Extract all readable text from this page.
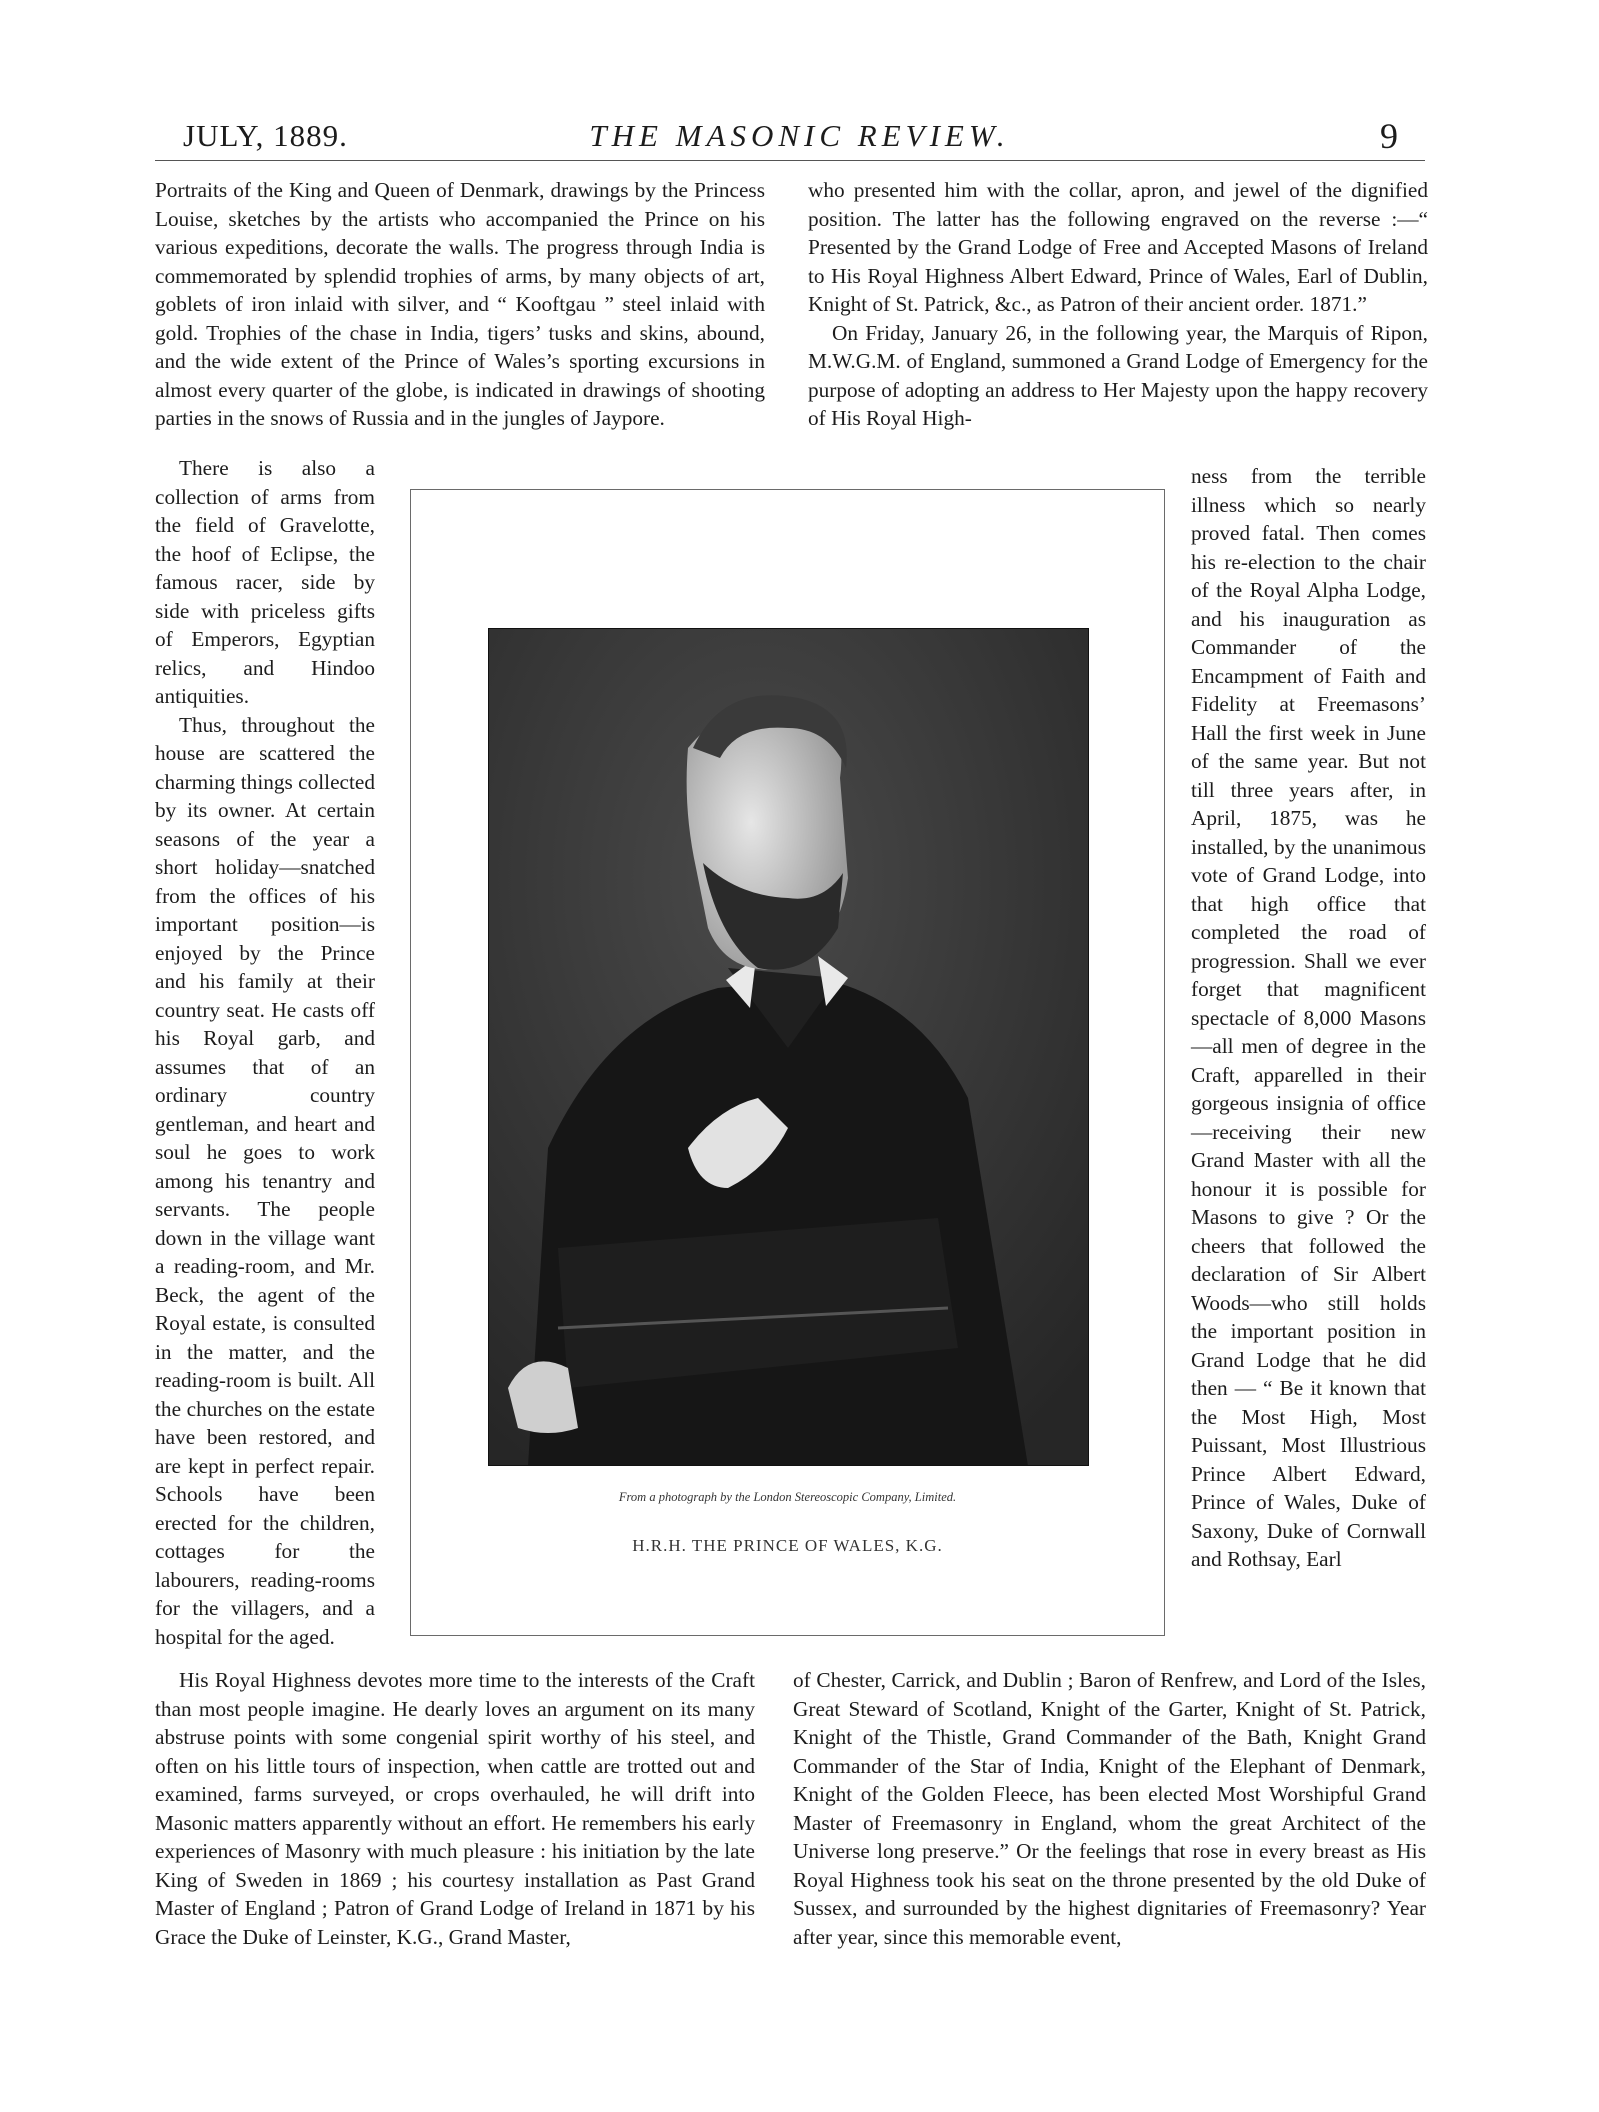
JULY, 1889.	THE MASONIC REVIEW.	9

Portraits of the King and Queen of Denmark, drawings by the Princess Louise, sketches by the artists who accompanied the Prince on his various expeditions, decorate the walls. The progress through India is commemorated by splendid trophies of arms, by many objects of art, goblets of iron inlaid with silver, and “ Kooftgau ” steel inlaid with gold. Trophies of the chase in India, tigers’ tusks and skins, abound, and the wide extent of the Prince of Wales’s sporting excursions in almost every quarter of the globe, is indicated in drawings of shooting parties in the snows of Russia and in the jungles of Jaypore.

who presented him with the collar, apron, and jewel of the dignified position. The latter has the following engraved on the reverse :—“ Presented by the Grand Lodge of Free and Accepted Masons of Ireland to His Royal Highness Albert Edward, Prince of Wales, Earl of Dublin, Knight of St. Patrick, &c., as Patron of their ancient order. 1871.”

On Friday, January 26, in the following year, the Marquis of Ripon, M.W.G.M. of England, summoned a Grand Lodge of Emergency for the purpose of adopting an address to Her Majesty upon the happy recovery of His Royal High-

There is also a collection of arms from the field of Gravelotte, the hoof of Eclipse, the famous racer, side by side with priceless gifts of Emperors, Egyptian relics, and Hindoo antiquities.

Thus, throughout the house are scattered the charming things collected by its owner. At certain seasons of the year a short holiday—snatched from the offices of his important position—is enjoyed by the Prince and his family at their country seat. He casts off his Royal garb, and assumes that of an ordinary country gentleman, and heart and soul he goes to work among his tenantry and servants. The people down in the village want a reading-room, and Mr. Beck, the agent of the Royal estate, is consulted in the matter, and the reading-room is built. All the churches on the estate have been restored, and are kept in perfect repair. Schools have been erected for the children, cottages for the labourers, reading-rooms for the villagers, and a hospital for the aged.

ness from the terrible illness which so nearly proved fatal. Then comes his re-election to the chair of the Royal Alpha Lodge, and his inauguration as Commander of the Encampment of Faith and Fidelity at Freemasons’ Hall the first week in June of the same year. But not till three years after, in April, 1875, was he installed, by the unanimous vote of Grand Lodge, into that high office that completed the road of progression. Shall we ever forget that magnificent spectacle of 8,000 Masons —all men of degree in the Craft, apparelled in their gorgeous insignia of office—receiving their new Grand Master with all the honour it is possible for Masons to give ? Or the cheers that followed the declaration of Sir Albert Woods—who still holds the important position in Grand Lodge that he did then — “ Be it known that the Most High, Most Puissant, Most Illustrious Prince Albert Edward, Prince of Wales, Duke of Saxony, Duke of Cornwall and Rothsay, Earl

From a photograph by the London Stereoscopic Company, Limited.
H.R.H. THE PRINCE OF WALES, K.G.

His Royal Highness devotes more time to the interests of the Craft than most people imagine. He dearly loves an argument on its many abstruse points with some congenial spirit worthy of his steel, and often on his little tours of inspection, when cattle are trotted out and examined, farms surveyed, or crops overhauled, he will drift into Masonic matters apparently without an effort. He remembers his early experiences of Masonry with much pleasure : his initiation by the late King of Sweden in 1869 ; his courtesy installation as Past Grand Master of England ; Patron of Grand Lodge of Ireland in 1871 by his Grace the Duke of Leinster, K.G., Grand Master,

of Chester, Carrick, and Dublin ; Baron of Renfrew, and Lord of the Isles, Great Steward of Scotland, Knight of the Garter, Knight of St. Patrick, Knight of the Thistle, Grand Commander of the Bath, Knight Grand Commander of the Star of India, Knight of the Elephant of Denmark, Knight of the Golden Fleece, has been elected Most Worshipful Grand Master of Freemasonry in England, whom the great Architect of the Universe long preserve.” Or the feelings that rose in every breast as His Royal Highness took his seat on the throne presented by the old Duke of Sussex, and surrounded by the highest dignitaries of Freemasonry? Year after year, since this memorable event,
